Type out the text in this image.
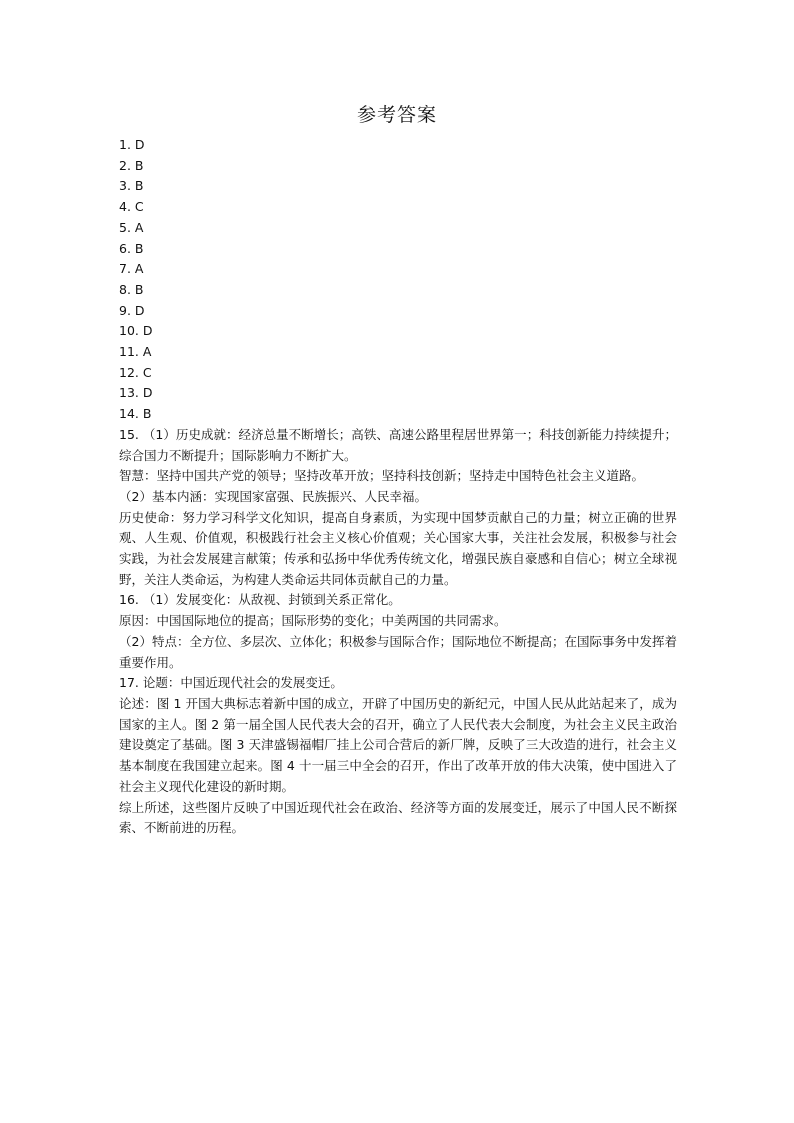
参考答案
1. D
2. B
3. B
4. C
5. A
6. B
7. A
8. B
9. D
10. D
11. A
12. C
13. D
14. B
15. （1）历史成就：经济总量不断增长；高铁、高速公路里程居世界第一；科技创新能力持续提升；综合国力不断提升；国际影响力不断扩大。
智慧：坚持中国共产党的领导；坚持改革开放；坚持科技创新；坚持走中国特色社会主义道路。
（2）基本内涵：实现国家富强、民族振兴、人民幸福。
历史使命：努力学习科学文化知识，提高自身素质，为实现中国梦贡献自己的力量；树立正确的世界观、人生观、价值观，积极践行社会主义核心价值观；关心国家大事，关注社会发展，积极参与社会实践，为社会发展建言献策；传承和弘扬中华优秀传统文化，增强民族自豪感和自信心；树立全球视野，关注人类命运，为构建人类命运共同体贡献自己的力量。
16. （1）发展变化：从敌视、封锁到关系正常化。
原因：中国国际地位的提高；国际形势的变化；中美两国的共同需求。
（2）特点：全方位、多层次、立体化；积极参与国际合作；国际地位不断提高；在国际事务中发挥着重要作用。
17. 论题：中国近现代社会的发展变迁。
论述：图 1 开国大典标志着新中国的成立，开辟了中国历史的新纪元，中国人民从此站起来了，成为国家的主人。图 2 第一届全国人民代表大会的召开，确立了人民代表大会制度，为社会主义民主政治建设奠定了基础。图 3 天津盛锡福帽厂挂上公司合营后的新厂牌，反映了三大改造的进行，社会主义基本制度在我国建立起来。图 4 十一届三中全会的召开，作出了改革开放的伟大决策，使中国进入了社会主义现代化建设的新时期。
综上所述，这些图片反映了中国近现代社会在政治、经济等方面的发展变迁，展示了中国人民不断探索、不断前进的历程。
